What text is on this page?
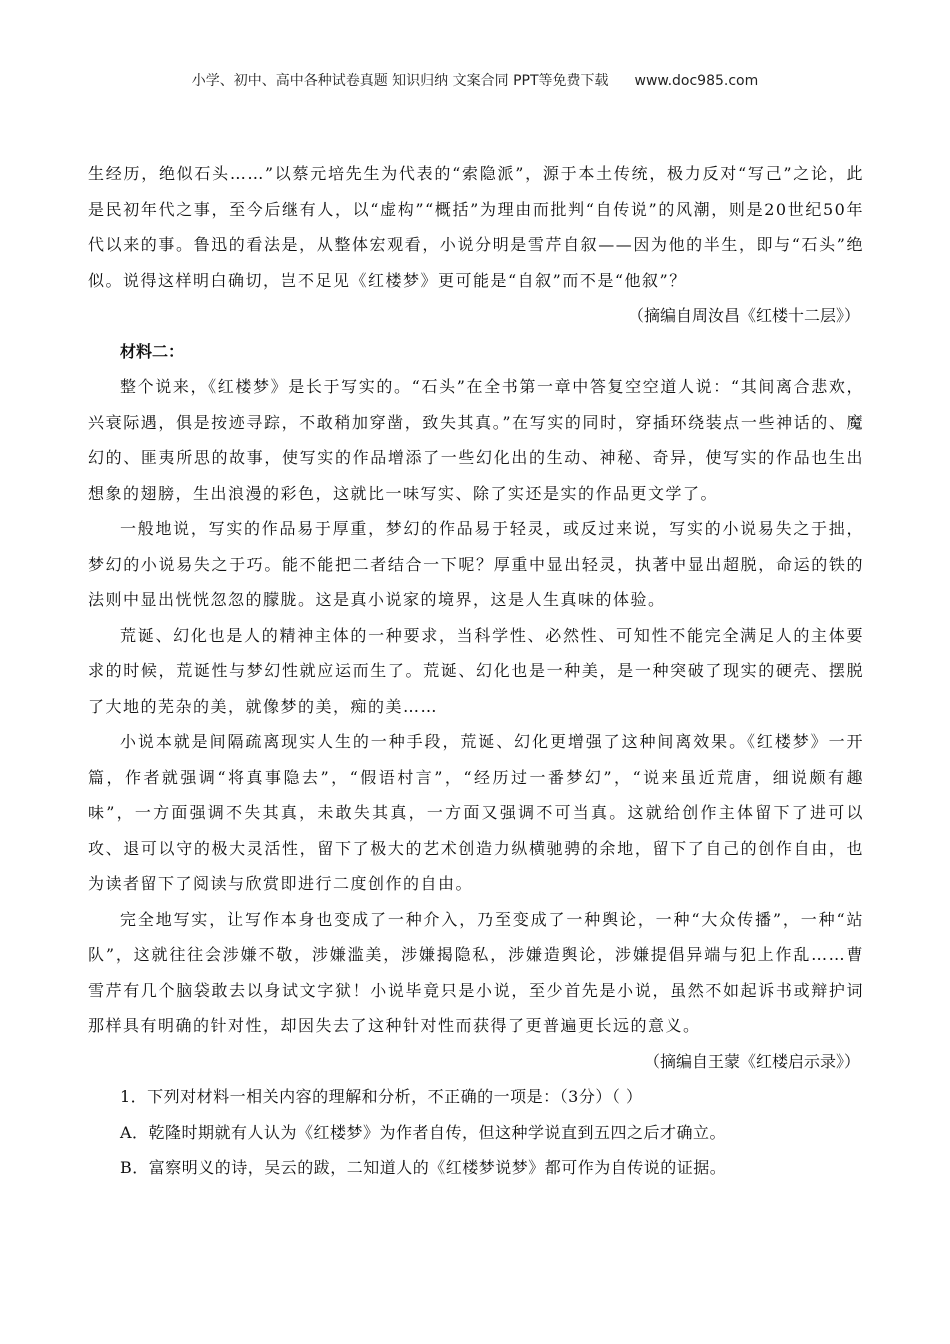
小学、初中、高中各种试卷真题 知识归纳 文案合同 PPT等免费下载 www.doc985.com

生经历，绝似石头……”以蔡元培先生为代表的“索隐派”，源于本土传统，极力反对“写己”之论，此是民初年代之事，至今后继有人，以“虚构”“概括”为理由而批判“自传说”的风潮，则是20世纪50年代以来的事。鲁迅的看法是，从整体宏观看，小说分明是雪芹自叙——因为他的半生，即与“石头”绝似。说得这样明白确切，岂不足见《红楼梦》更可能是“自叙”而不是“他叙”？

（摘编自周汝昌《红楼十二层》）

材料二：

整个说来，《红楼梦》是长于写实的。“石头”在全书第一章中答复空空道人说：“其间离合悲欢，兴衰际遇，俱是按迹寻踪，不敢稍加穿凿，致失其真。”在写实的同时，穿插环绕装点一些神话的、魔幻的、匪夷所思的故事，使写实的作品增添了一些幻化出的生动、神秘、奇异，使写实的作品也生出想象的翅膀，生出浪漫的彩色，这就比一味写实、除了实还是实的作品更文学了。

一般地说，写实的作品易于厚重，梦幻的作品易于轻灵，或反过来说，写实的小说易失之于拙，梦幻的小说易失之于巧。能不能把二者结合一下呢？厚重中显出轻灵，执著中显出超脱，命运的铁的法则中显出恍恍忽忽的朦胧。这是真小说家的境界，这是人生真味的体验。

荒诞、幻化也是人的精神主体的一种要求，当科学性、必然性、可知性不能完全满足人的主体要求的时候，荒诞性与梦幻性就应运而生了。荒诞、幻化也是一种美，是一种突破了现实的硬壳、摆脱了大地的芜杂的美，就像梦的美，痴的美……

小说本就是间隔疏离现实人生的一种手段，荒诞、幻化更增强了这种间离效果。《红楼梦》一开篇，作者就强调“将真事隐去”，“假语村言”，“经历过一番梦幻”，“说来虽近荒唐，细说颇有趣味”，一方面强调不失其真，未敢失其真，一方面又强调不可当真。这就给创作主体留下了进可以攻、退可以守的极大灵活性，留下了极大的艺术创造力纵横驰骋的余地，留下了自己的创作自由，也为读者留下了阅读与欣赏即进行二度创作的自由。

完全地写实，让写作本身也变成了一种介入，乃至变成了一种舆论，一种“大众传播”，一种“站队”，这就往往会涉嫌不敬，涉嫌滥美，涉嫌揭隐私，涉嫌造舆论，涉嫌提倡异端与犯上作乱……曹雪芹有几个脑袋敢去以身试文字狱！小说毕竟只是小说，至少首先是小说，虽然不如起诉书或辩护词那样具有明确的针对性，却因失去了这种针对性而获得了更普遍更长远的意义。

（摘编自王蒙《红楼启示录》）

1．下列对材料一相关内容的理解和分析，不正确的一项是：（3分）（ ）

A．乾隆时期就有人认为《红楼梦》为作者自传，但这种学说直到五四之后才确立。

B．富察明义的诗，吴云的跋，二知道人的《红楼梦说梦》都可作为自传说的证据。
